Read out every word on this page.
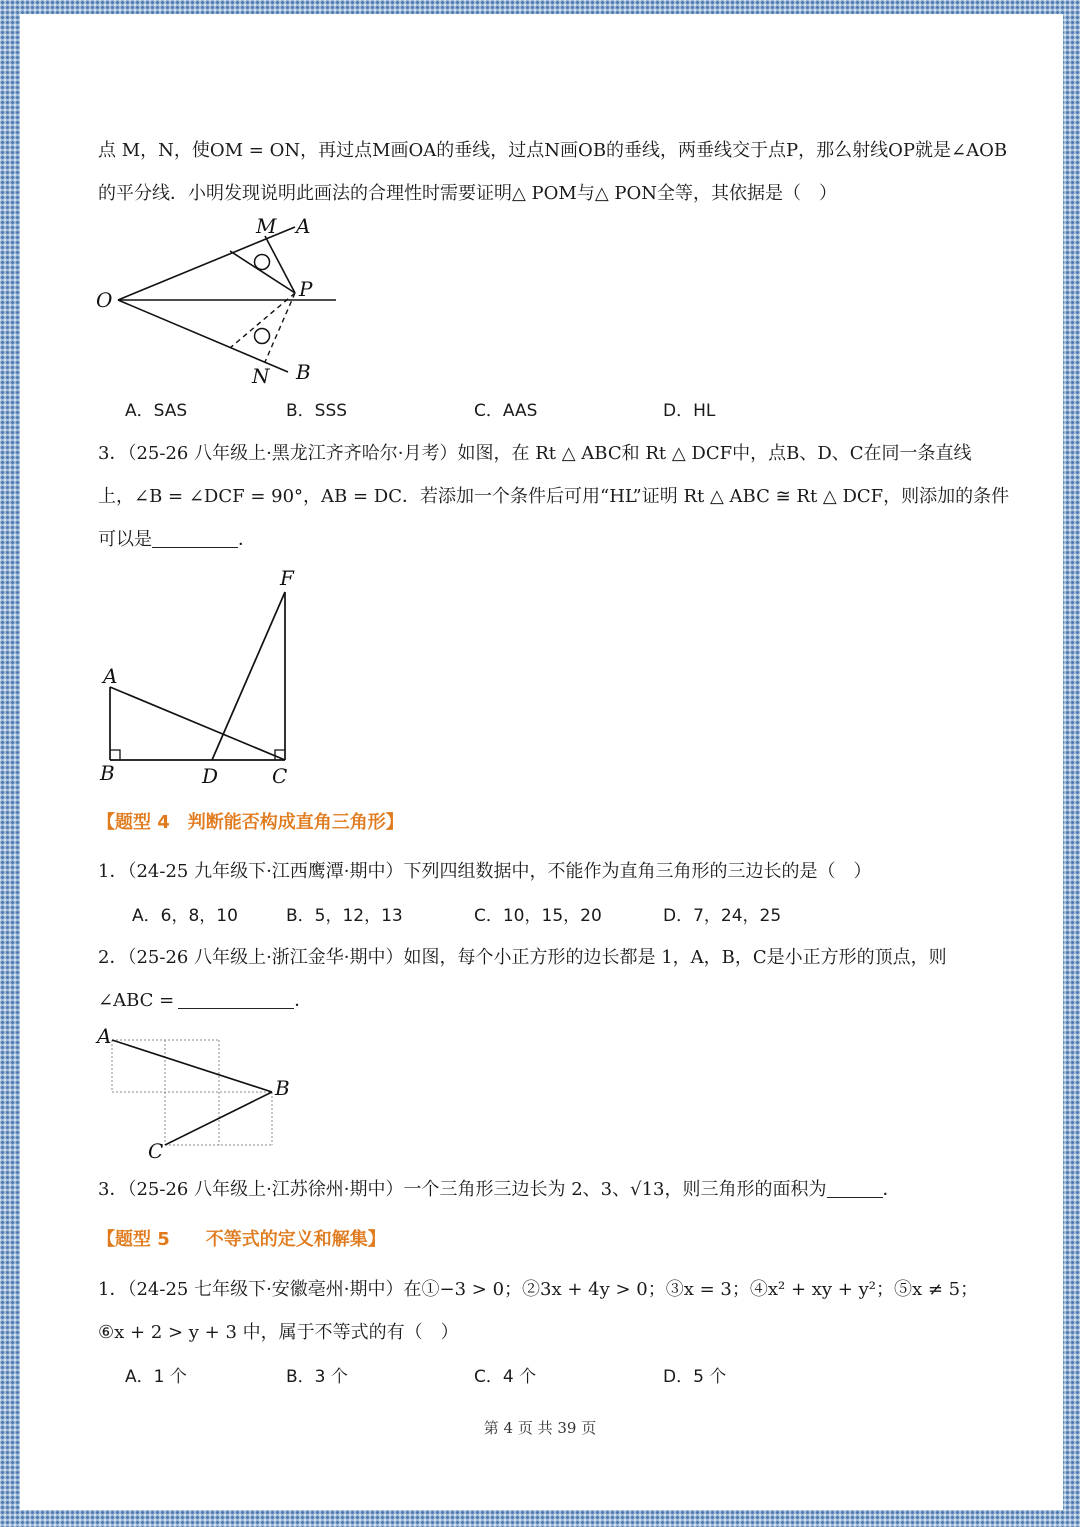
点 M，N，使OM = ON，再过点M画OA的垂线，过点N画OB的垂线，两垂线交于点P，那么射线OP就是∠AOB
的平分线．小明发现说明此画法的合理性时需要证明△ POM与△ PON全等，其依据是（　）
M A
O	P
N B
A．SAS	B．SSS	C．AAS	D．HL
3．（25-26 八年级上·黑龙江齐齐哈尔·月考）如图，在 Rt △ ABC和 Rt △ DCF中，点B、D、C在同一条直线
上，∠B = ∠DCF = 90°，AB = DC．若添加一个条件后可用“HL”证明 Rt △ ABC ≅ Rt △ DCF，则添加的条件
可以是	．
F
A
B	D	C
【题型 4　判断能否构成直角三角形】
1．（24-25 九年级下·江西鹰潭·期中）下列四组数据中，不能作为直角三角形的三边长的是（　）
A．6，8，10	B．5，12，13	C．10，15，20	D．7，24，25
2．（25-26 八年级上·浙江金华·期中）如图，每个小正方形的边长都是 1，A，B，C是小正方形的顶点，则
∠ABC =	．
A
B
C
3．（25-26 八年级上·江苏徐州·期中）一个三角形三边长为 2、3、√13，则三角形的面积为	．
【题型 5　　不等式的定义和解集】
1．（24-25 七年级下·安徽亳州·期中）在①−3 > 0；②3x + 4y > 0；③x = 3；④x² + xy + y²；⑤x ≠ 5；
⑥x + 2 > y + 3 中，属于不等式的有（　）
A．1 个	B．3 个	C．4 个	D．5 个
第 4 页 共 39 页
